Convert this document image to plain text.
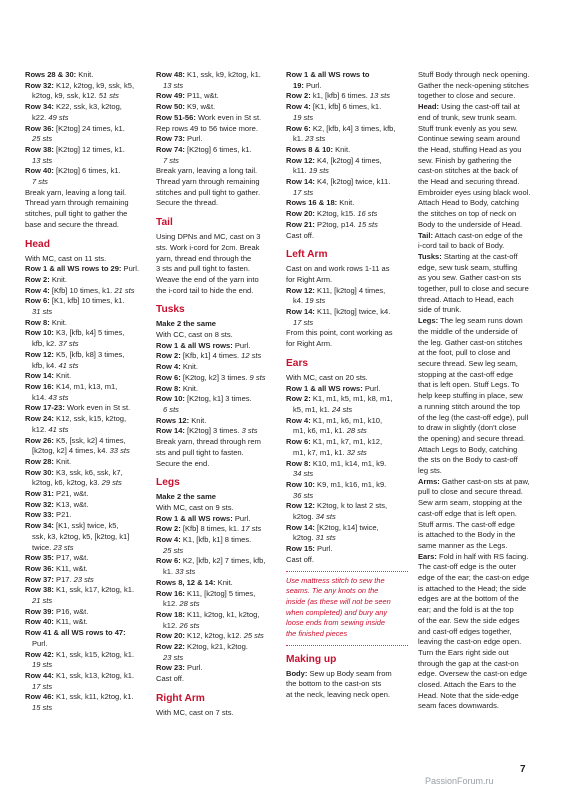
Rows 28 & 30: Knit.
Row 32: K12, k2tog, k9, ssk, k5,
k2tog, k9, ssk, k12. 51 sts
Row 34: K22, ssk, k3, k2tog,
k22. 49 sts
Row 36: [K2tog] 24 times, k1.
25 sts
Row 38: [K2tog] 12 times, k1.
13 sts
Row 40: [K2tog] 6 times, k1.
7 sts
Break yarn, leaving a long tail.
Thread yarn through remaining
stitches, pull tight to gather the
base and secure the thread.
Head
With MC, cast on 11 sts.
Row 1 & all WS rows to 29: Purl.
Row 2: Knit.
Row 4: [Kfb] 10 times, k1. 21 sts
Row 6: [K1, kfb] 10 times, k1.
31 sts
Row 8: Knit.
Row 10: K3, [kfb, k4] 5 times,
kfb, k2. 37 sts
Row 12: K5, [kfb, k8] 3 times,
kfb, k4. 41 sts
Row 14: Knit.
Row 16: K14, m1, k13, m1,
k14. 43 sts
Row 17-23: Work even in St st.
Row 24: K12, ssk, k15, k2tog,
k12. 41 sts
Row 26: K5, [ssk, k2] 4 times,
[k2tog, k2] 4 times, k4. 33 sts
Row 28: Knit.
Row 30: K3, ssk, k6, ssk, k7,
k2tog, k6, k2tog, k3. 29 sts
Row 31: P21, w&t.
Row 32: K13, w&t.
Row 33: P21.
Row 34: [K1, ssk] twice, k5,
ssk, k3, k2tog, k5, [k2tog, k1]
twice. 23 sts
Row 35: P17, w&t.
Row 36: K11, w&t.
Row 37: P17. 23 sts
Row 38: K1, ssk, k17, k2tog, k1.
21 sts
Row 39: P16, w&t.
Row 40: K11, w&t.
Row 41 & all WS rows to 47:
Purl.
Row 42: K1, ssk, k15, k2tog, k1.
19 sts
Row 44: K1, ssk, k13, k2tog, k1.
17 sts
Row 46: K1, ssk, k11, k2tog, k1.
15 sts
Row 48: K1, ssk, k9, k2tog, k1.
13 sts
Row 49: P11, w&t.
Row 50: K9, w&t.
Row 51-56: Work even in St st.
Rep rows 49 to 56 twice more.
Row 73: Purl.
Row 74: [K2tog] 6 times, k1.
7 sts
Break yarn, leaving a long tail.
Thread yarn through remaining
stitches and pull tight to gather.
Secure the thread.
Tail
Using DPNs and MC, cast on 3
sts. Work i-cord for 2cm. Break
yarn, thread end through the
3 sts and pull tight to fasten.
Weave the end of the yarn into
the i-cord tail to hide the end.
Tusks
Make 2 the same
With CC, cast on 8 sts.
Row 1 & all WS rows: Purl.
Row 2: [Kfb, k1] 4 times. 12 sts
Row 4: Knit.
Row 6: [K2tog, k2] 3 times. 9 sts
Row 8: Knit.
Row 10: [K2tog, k1] 3 times.
6 sts
Rows 12: Knit.
Row 14: [K2tog] 3 times. 3 sts
Break yarn, thread through rem
sts and pull tight to fasten.
Secure the end.
Legs
Make 2 the same
With MC, cast on 9 sts.
Row 1 & all WS rows: Purl.
Row 2: [Kfb] 8 times, k1. 17 sts
Row 4: K1, [kfb, k1] 8 times.
25 sts
Row 6: K2, [kfb, k2] 7 times, kfb,
k1. 33 sts
Rows 8, 12 & 14: Knit.
Row 16: K11, [k2tog] 5 times,
k12. 28 sts
Row 18: K11, k2tog, k1, k2tog,
k12. 26 sts
Row 20: K12, k2tog, k12. 25 sts
Row 22: K2tog, k21, k2tog.
23 sts
Row 23: Purl.
Cast off.
Right Arm
With MC, cast on 7 sts.
Row 1 & all WS rows to
19: Purl.
Row 2: k1, [kfb] 6 times. 13 sts
Row 4: [K1, kfb] 6 times, k1.
19 sts
Row 6: K2, [kfb, k4] 3 times, kfb,
k1. 23 sts
Rows 8 & 10: Knit.
Row 12: K4, [k2tog] 4 times,
k11. 19 sts
Row 14: K4, [k2tog] twice, k11.
17 sts
Rows 16 & 18: Knit.
Row 20: K2tog, k15. 16 sts
Row 21: P2tog, p14. 15 sts
Cast off.
Left Arm
Cast on and work rows 1-11 as
for Right Arm.
Row 12: K11, [k2tog] 4 times,
k4. 19 sts
Row 14: K11, [k2tog] twice, k4.
17 sts
From this point, cont working as
for Right Arm.
Ears
With MC, cast on 20 sts.
Row 1 & all WS rows: Purl.
Row 2: K1, m1, k5, m1, k8, m1,
k5, m1, k1. 24 sts
Row 4: K1, m1, k6, m1, k10,
m1, k6, m1, k1. 28 sts
Row 6: K1, m1, k7, m1, k12,
m1, k7, m1, k1. 32 sts
Row 8: K10, m1, k14, m1, k9.
34 sts
Row 10: K9, m1, k16, m1, k9.
36 sts
Row 12: K2tog, k to last 2 sts,
k2tog. 34 sts
Row 14: [K2tog, k14] twice,
k2tog. 31 sts
Row 15: Purl.
Cast off.
Use mattress stitch to sew the
seams. Tie any knots on the
inside (as these will not be seen
when completed) and bury any
loose ends from sewing inside
the finished pieces
Making up
Body: Sew up Body seam from
the bottom to the cast-on sts
at the neck, leaving neck open.
Stuff Body through neck opening.
Gather the neck-opening stitches
together to close and secure.
Head: Using the cast-off tail at
end of trunk, sew trunk seam.
Stuff trunk evenly as you sew.
Continue sewing seam around
the Head, stuffing Head as you
sew. Finish by gathering the
cast-on stitches at the back of
the Head and securing thread.
Embroider eyes using black wool.
Attach Head to Body, catching
the stitches on top of neck on
Body to the underside of Head.
Tail: Attach cast-on edge of the
i-cord tail to back of Body.
Tusks: Starting at the cast-off
edge, sew tusk seam, stuffing
as you sew. Gather cast-on sts
together, pull to close and secure
thread. Attach to Head, each
side of trunk.
Legs: The leg seam runs down
the middle of the underside of
the leg. Gather cast-on stitches
at the foot, pull to close and
secure thread. Sew leg seam,
stopping at the cast-off edge
that is left open. Stuff Legs. To
help keep stuffing in place, sew
a running stitch around the top
of the leg (the cast-off edge), pull
to draw in slightly (don't close
the opening) and secure thread.
Attach Legs to Body, catching
the sts on the Body to cast-off
leg sts.
Arms: Gather cast-on sts at paw,
pull to close and secure thread.
Sew arm seam, stopping at the
cast-off edge that is left open.
Stuff arms. The cast-off edge
is attached to the Body in the
same manner as the Legs.
Ears: Fold in half with RS facing.
The cast-off edge is the outer
edge of the ear; the cast-on edge
is attached to the Head; the side
edges are at the bottom of the
ear; and the fold is at the top
of the ear. Sew the side edges
and cast-off edges together,
leaving the cast-on edge open.
Turn the Ears right side out
through the gap at the cast-on
edge. Oversew the cast-on edge
closed. Attach the Ears to the
Head. Note that the side-edge
seam faces downwards.
7
PassionForum.ru
